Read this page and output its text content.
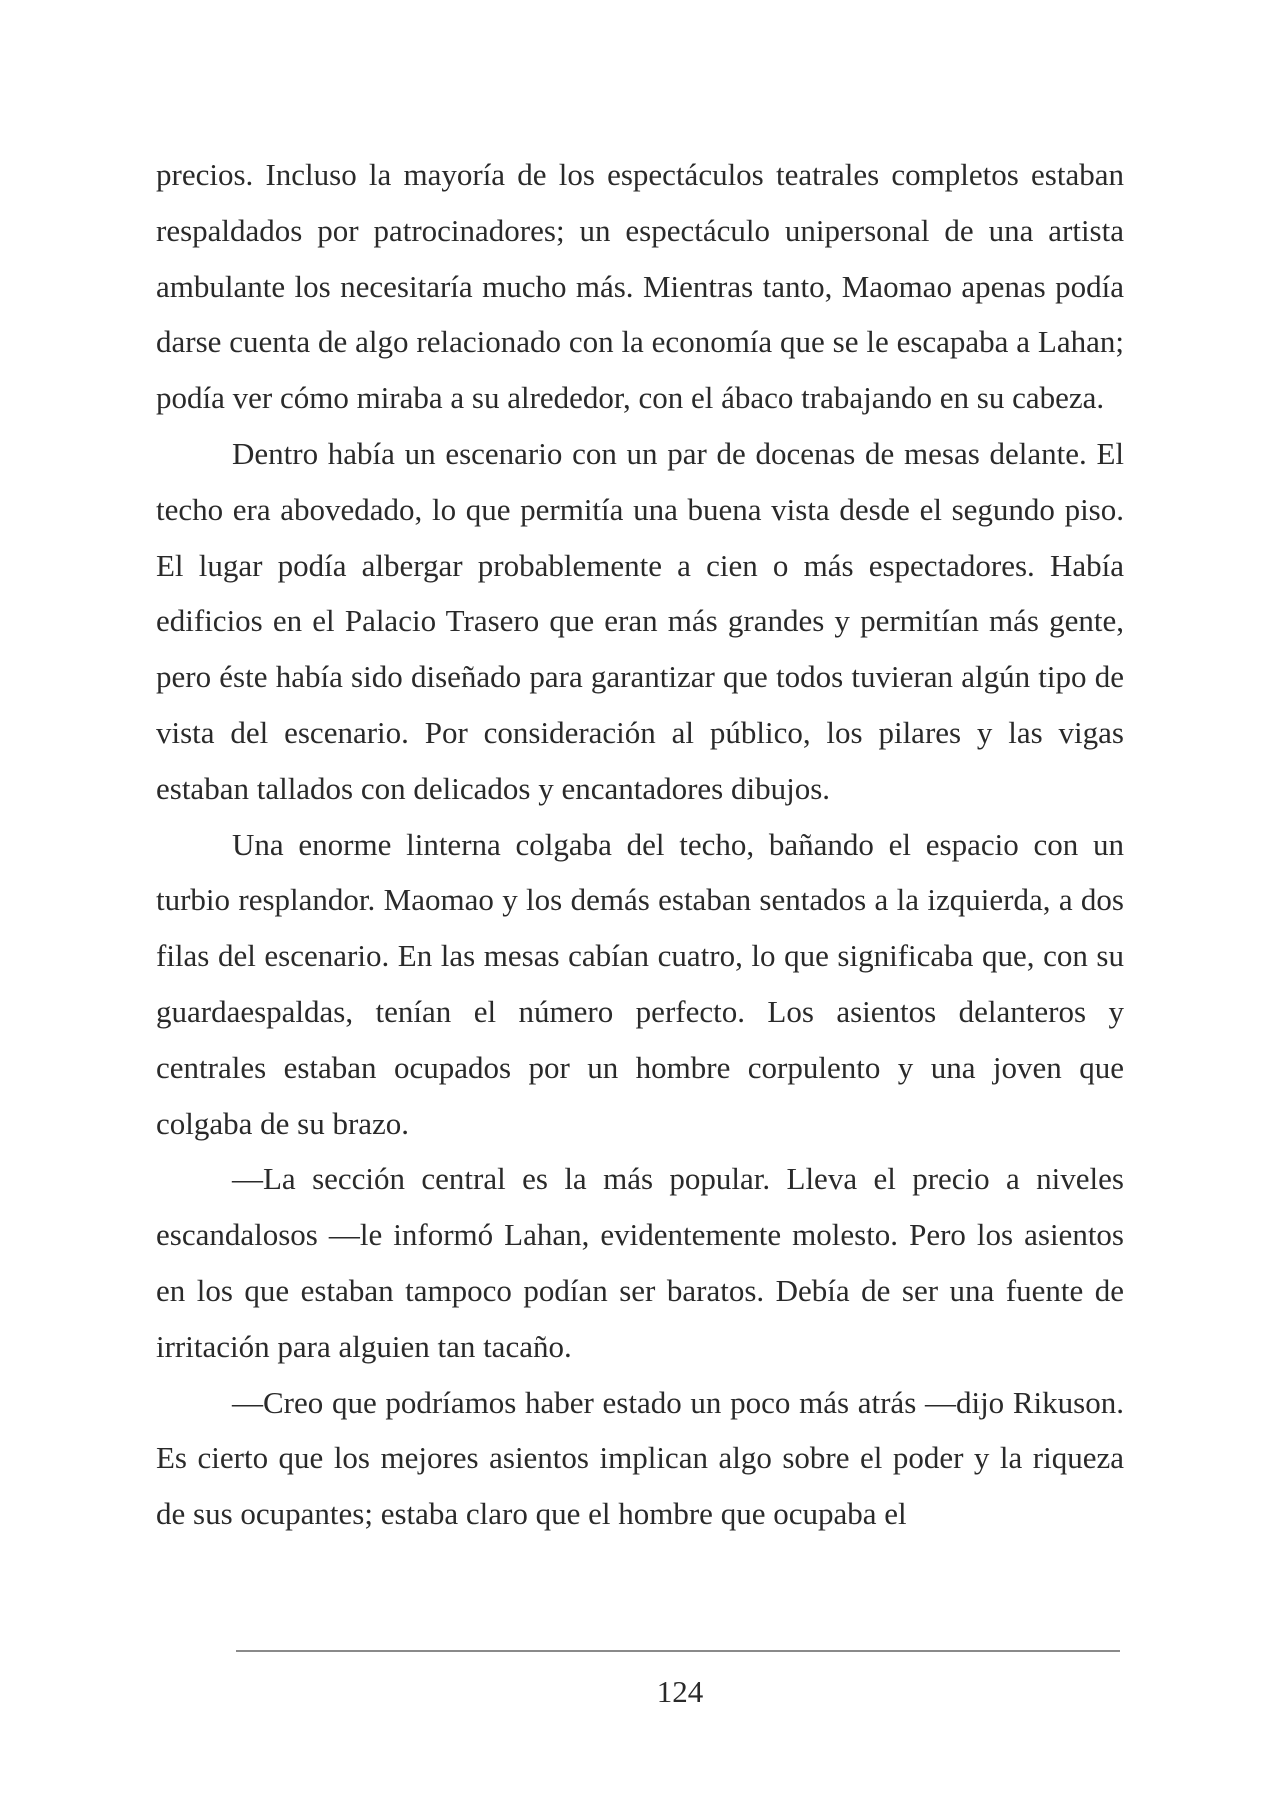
precios. Incluso la mayoría de los espectáculos teatrales completos estaban respaldados por patrocinadores; un espectáculo unipersonal de una artista ambulante los necesitaría mucho más. Mientras tanto, Maomao apenas podía darse cuenta de algo relacionado con la economía que se le escapaba a Lahan; podía ver cómo miraba a su alrededor, con el ábaco trabajando en su cabeza.

Dentro había un escenario con un par de docenas de mesas delante. El techo era abovedado, lo que permitía una buena vista desde el segundo piso. El lugar podía albergar probablemente a cien o más espectadores. Había edificios en el Palacio Trasero que eran más grandes y permitían más gente, pero éste había sido diseñado para garantizar que todos tuvieran algún tipo de vista del escenario. Por consideración al público, los pilares y las vigas estaban tallados con delicados y encantadores dibujos.

Una enorme linterna colgaba del techo, bañando el espacio con un turbio resplandor. Maomao y los demás estaban sentados a la izquierda, a dos filas del escenario. En las mesas cabían cuatro, lo que significaba que, con su guardaespaldas, tenían el número perfecto. Los asientos delanteros y centrales estaban ocupados por un hombre corpulento y una joven que colgaba de su brazo.

—La sección central es la más popular. Lleva el precio a niveles escandalosos —le informó Lahan, evidentemente molesto. Pero los asientos en los que estaban tampoco podían ser baratos. Debía de ser una fuente de irritación para alguien tan tacaño.

—Creo que podríamos haber estado un poco más atrás —dijo Rikuson. Es cierto que los mejores asientos implican algo sobre el poder y la riqueza de sus ocupantes; estaba claro que el hombre que ocupaba el

124
